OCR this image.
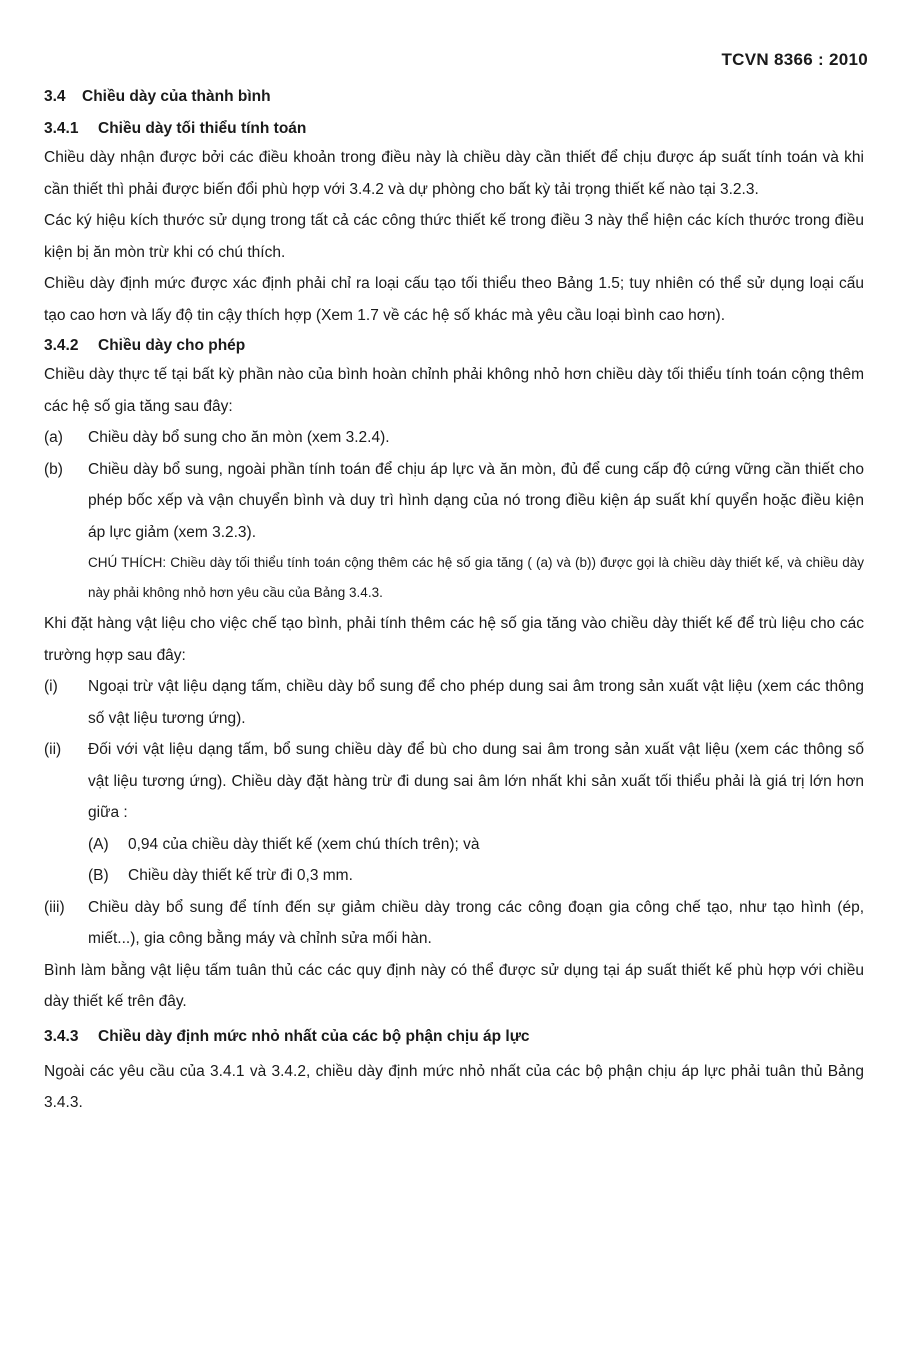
TCVN 8366 : 2010

3.4 Chiều dày của thành bình

3.4.1 Chiều dày tối thiểu tính toán

Chiều dày nhận được bởi các điều khoản trong điều này là chiều dày cần thiết để chịu được áp suất tính toán và khi cần thiết thì phải được biến đổi phù hợp với 3.4.2 và dự phòng cho bất kỳ tải trọng thiết kế nào tại 3.2.3.

Các ký hiệu kích thước sử dụng trong tất cả các công thức thiết kế trong điều 3 này thể hiện các kích thước trong điều kiện bị ăn mòn trừ khi có chú thích.

Chiều dày định mức được xác định phải chỉ ra loại cấu tạo tối thiểu theo Bảng 1.5; tuy nhiên có thể sử dụng loại cấu tạo cao hơn và lấy độ tin cậy thích hợp (Xem 1.7 về các hệ số khác mà yêu cầu loại bình cao hơn).

3.4.2 Chiều dày cho phép

Chiều dày thực tế tại bất kỳ phần nào của bình hoàn chỉnh phải không nhỏ hơn chiều dày tối thiểu tính toán cộng thêm các hệ số gia tăng sau đây:

(a)	Chiều dày bổ sung cho ăn mòn (xem 3.2.4).
(b)	Chiều dày bổ sung, ngoài phần tính toán để chịu áp lực và ăn mòn, đủ để cung cấp độ cứng vững cần thiết cho phép bốc xếp và vận chuyển bình và duy trì hình dạng của nó trong điều kiện áp suất khí quyển hoặc điều kiện áp lực giảm (xem 3.2.3).
CHÚ THÍCH: Chiều dày tối thiểu tính toán cộng thêm các hệ số gia tăng ( (a) và (b)) được gọi là chiều dày thiết kế, và chiều dày này phải không nhỏ hơn yêu cầu của Bảng 3.4.3.

Khi đặt hàng vật liệu cho việc chế tạo bình, phải tính thêm các hệ số gia tăng vào chiều dày thiết kế để trù liệu cho các trường hợp sau đây:

(i)	Ngoại trừ vật liệu dạng tấm, chiều dày bổ sung để cho phép dung sai âm trong sản xuất vật liệu (xem các thông số vật liệu tương ứng).
(ii)	Đối với vật liệu dạng tấm, bổ sung chiều dày để bù cho dung sai âm trong sản xuất vật liệu (xem các thông số vật liệu tương ứng). Chiều dày đặt hàng trừ đi dung sai âm lớn nhất khi sản xuất tối thiểu phải là giá trị lớn hơn giữa :
(A)	0,94 của chiều dày thiết kế (xem chú thích trên); và
(B)	Chiều dày thiết kế trừ đi 0,3 mm.
(iii)	Chiều dày bổ sung để tính đến sự giảm chiều dày trong các công đoạn gia công chế tạo, như tạo hình (ép, miết...), gia công bằng máy và chỉnh sửa mối hàn.

Bình làm bằng vật liệu tấm tuân thủ các các quy định này có thể được sử dụng tại áp suất thiết kế phù hợp với chiều dày thiết kế trên đây.

3.4.3 Chiều dày định mức nhỏ nhất của các bộ phận chịu áp lực

Ngoài các yêu cầu của 3.4.1 và 3.4.2, chiều dày định mức nhỏ nhất của các bộ phận chịu áp lực phải tuân thủ Bảng 3.4.3.
